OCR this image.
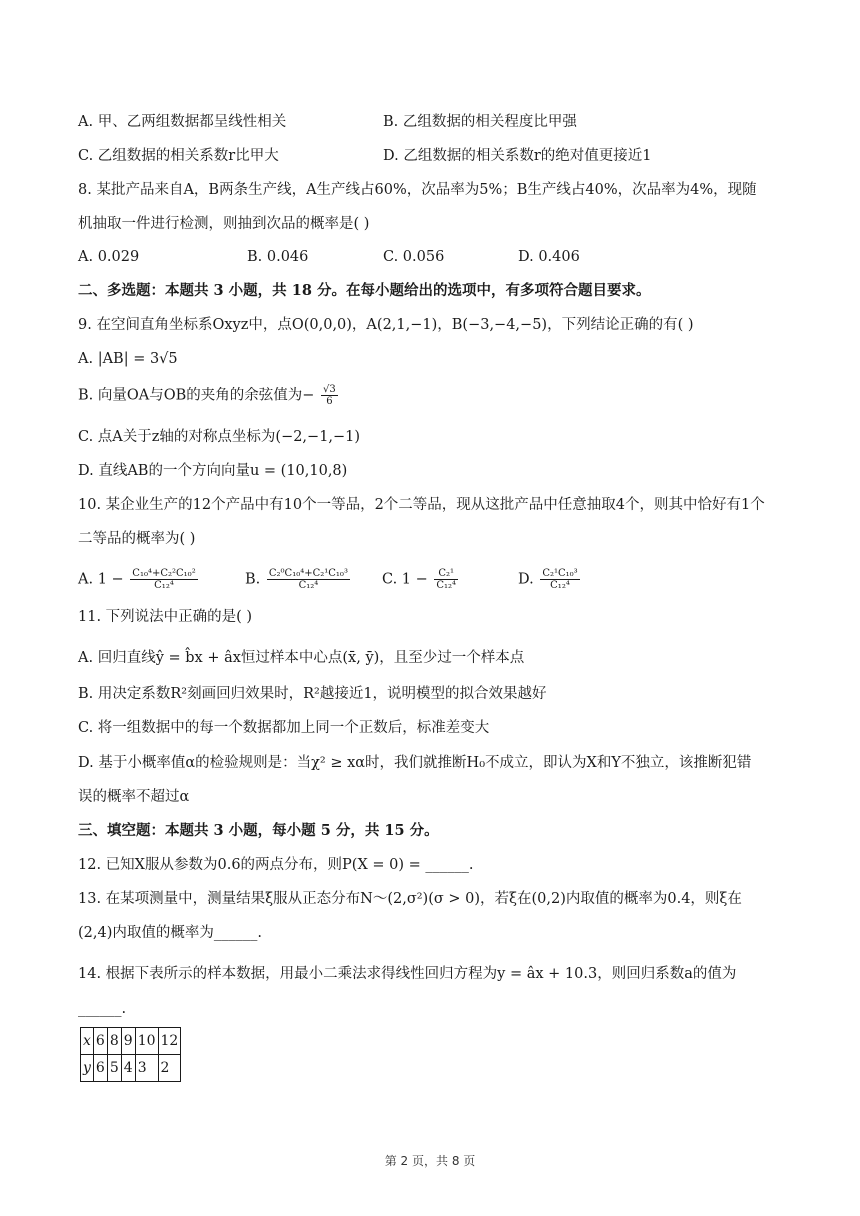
A. 甲、乙两组数据都呈线性相关	B. 乙组数据的相关程度比甲强
C. 乙组数据的相关系数r比甲大	D. 乙组数据的相关系数r的绝对值更接近1
8. 某批产品来自A，B两条生产线，A生产线占60%，次品率为5%；B生产线占40%，次品率为4%，现随
机抽取一件进行检测，则抽到次品的概率是( )
A. 0.029	B. 0.046	C. 0.056	D. 0.406
二、多选题：本题共 3 小题，共 18 分。在每小题给出的选项中，有多项符合题目要求。
9. 在空间直角坐标系Oxyz中，点O(0,0,0)，A(2,1,−1)，B(−3,−4,−5)，下列结论正确的有( )
A. |AB| = 3√5
B. 向量OA与OB的夹角的余弦值为− $\frac{√3}{6}$
C. 点A关于z轴的对称点坐标为(−2,−1,−1)
D. 直线AB的一个方向向量u = (10,10,8)
10. 某企业生产的12个产品中有10个一等品，2个二等品，现从这批产品中任意抽取4个，则其中恰好有1个
二等品的概率为( )
A. $1 - \frac{\text{C₁₀⁴+C₂²C₁₀²}}{\text{C₁₂⁴}}$	B. $\frac{\text{C₂⁰C₁₀⁴+C₂¹C₁₀³}}{\text{C₁₂⁴}} C$. $1 - \frac{\text{C₂¹}}{\text{C₁₂⁴}}$	D. $\frac{\text{C₂¹C₁₀³}}{\text{C₁₂⁴}}$
11. 下列说法中正确的是( )
A. 回归直线ŷ = b̂x + âx恒过样本中心点(x̄, ȳ)，且至少过一个样本点
B. 用决定系数R²刻画回归效果时，R²越接近1，说明模型的拟合效果越好
C. 将一组数据中的每一个数据都加上同一个正数后，标准差变大
D. 基于小概率值α的检验规则是：当χ² ≥ xα时，我们就推断H₀不成立，即认为X和Y不独立，该推断犯错
误的概率不超过α
三、填空题：本题共 3 小题，每小题 5 分，共 15 分。
12. 已知X服从参数为0.6的两点分布，则P(X = 0) = ______.
13. 在某项测量中，测量结果ξ服从正态分布N～(2,σ²)(σ > 0)，若ξ在(0,2)内取值的概率为0.4，则ξ在
(2,4)内取值的概率为______.
14. 根据下表所示的样本数据，用最小二乘法求得线性回归方程为y = âx + 10.3，则回归系数a的值为
______.
x	6	8	9	10	12
y	6	5	4	3	2
第 2 页，共 8 页
